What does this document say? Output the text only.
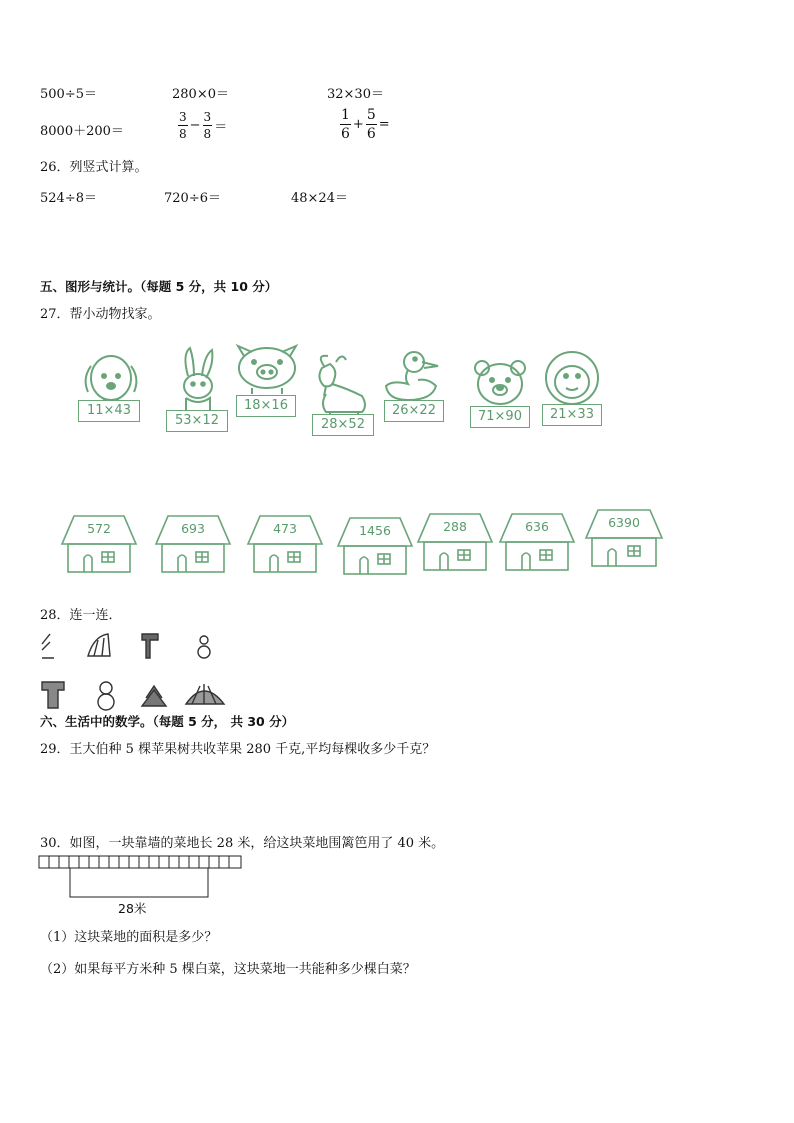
500÷5＝	280×0＝	32×30＝
8000＋200＝	$\frac{3}{8} - \frac{3}{8}$ ＝	$\frac{1}{6} + \frac{5}{6}$ =
26．列竖式计算。
524÷8＝	720÷6＝	48×24＝
五、图形与统计。（每题 5 分，共 10 分）
27．帮小动物找家。
11×43
53×12
18×16
28×52
26×22	71×90	21×33
572	693	473	1456	288	636	6390
28．连一连．
六、生活中的数学。（每题 5 分， 共 30 分）
29．王大伯种 5 棵苹果树共收苹果 280 千克,平均每棵收多少千克？
30．如图，一块靠墙的菜地长 28 米，给这块菜地围篱笆用了 40 米。
28米
（1）这块菜地的面积是多少？
（2）如果每平方米种 5 棵白菜，这块菜地一共能种多少棵白菜？
